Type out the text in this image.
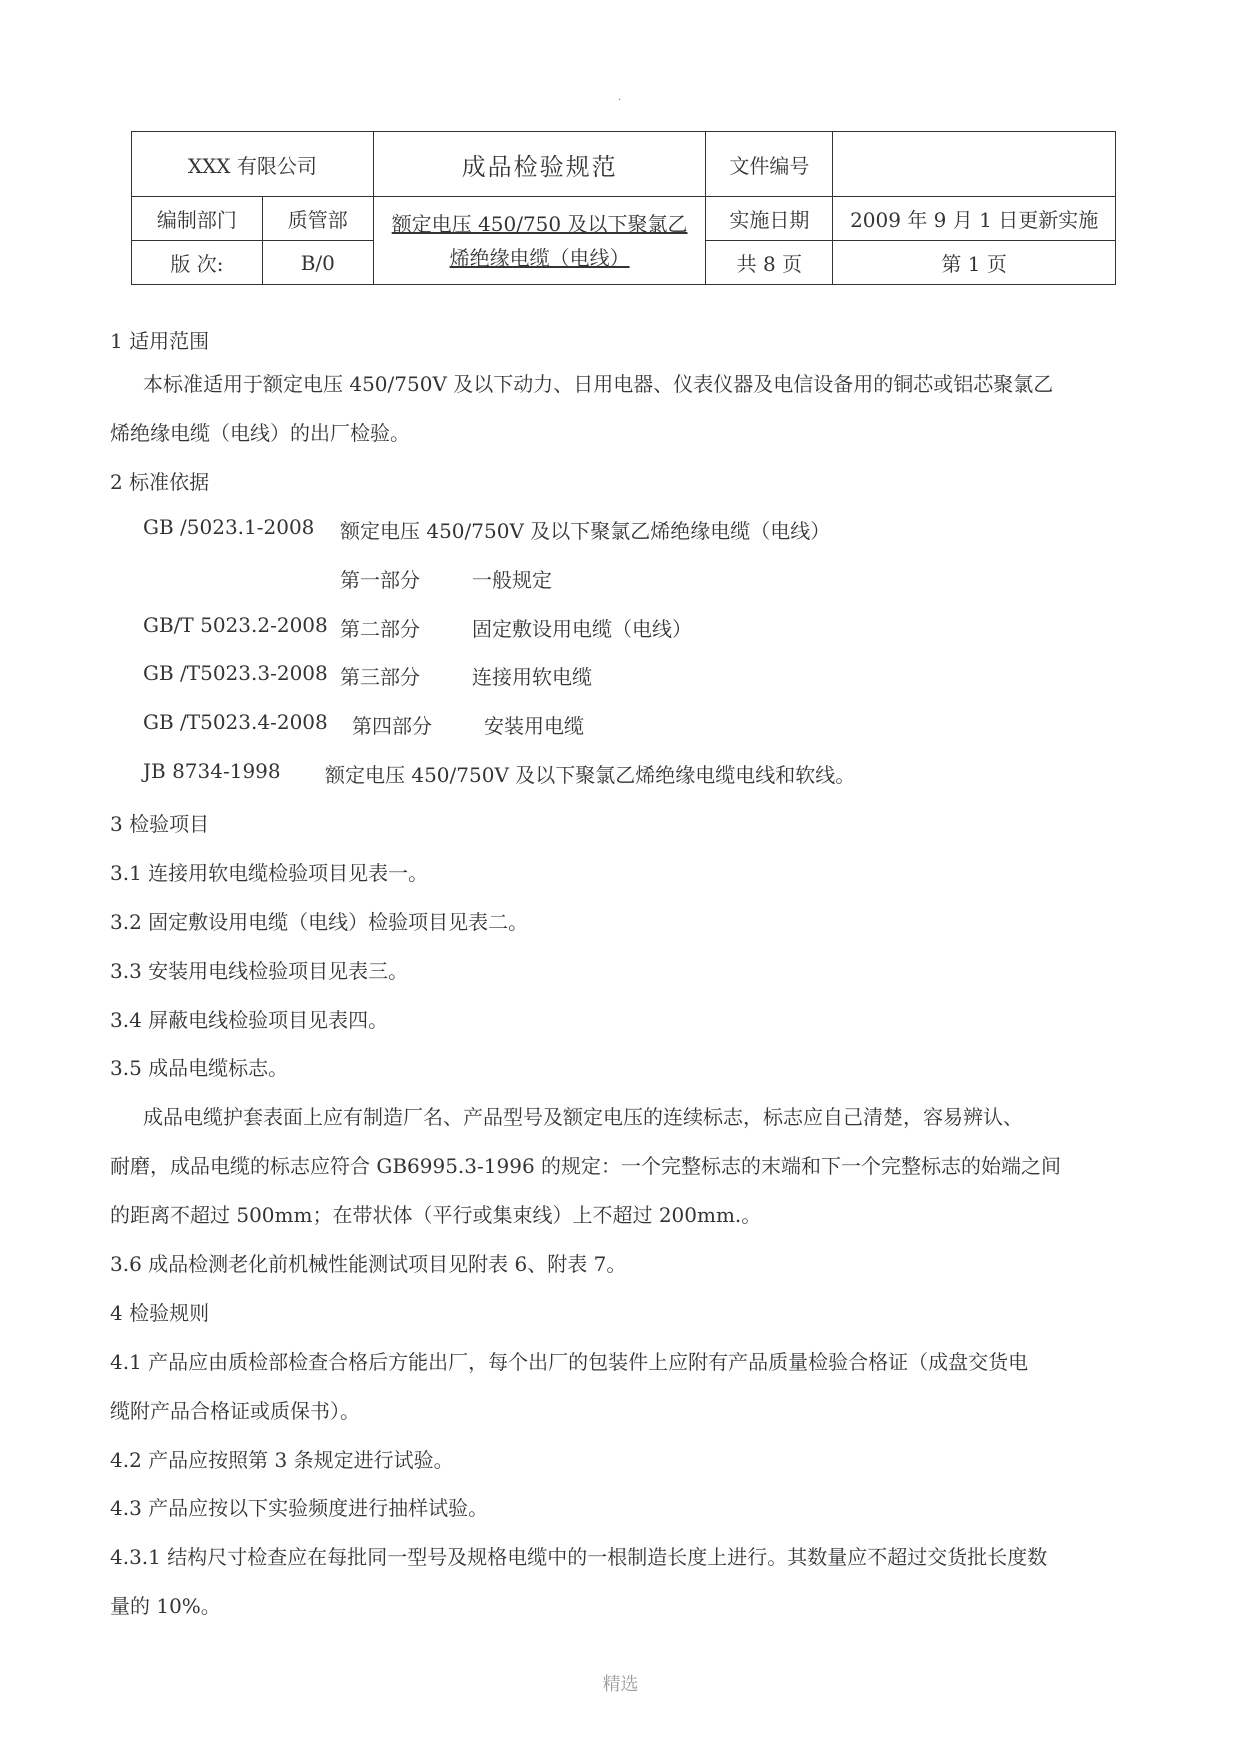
.
XXX 有限公司		成品检验规范	文件编号	
编制部门	质管部	额定电压 450/750 及以下聚氯乙烯绝缘电缆（电线）	实施日期	2009 年 9 月 1 日更新实施
版 次:	B/0		共 8 页	第 1 页
1 适用范围
本标准适用于额定电压 450/750V 及以下动力、日用电器、仪表仪器及电信设备用的铜芯或铝芯聚氯乙
烯绝缘电缆（电线）的出厂检验。
2 标准依据
GB /5023.1-2008 额定电压 450/750V 及以下聚氯乙烯绝缘电缆（电线）
第一部分	一般规定
GB/T 5023.2-2008 第二部分	固定敷设用电缆（电线）
GB /T5023.3-2008 第三部分	连接用软电缆
GB /T5023.4-2008 第四部分	安装用电缆
JB 8734-1998 额定电压 450/750V 及以下聚氯乙烯绝缘电缆电线和软线。
3 检验项目
3.1 连接用软电缆检验项目见表一。
3.2 固定敷设用电缆（电线）检验项目见表二。
3.3 安装用电线检验项目见表三。
3.4 屏蔽电线检验项目见表四。
3.5 成品电缆标志。
成品电缆护套表面上应有制造厂名、产品型号及额定电压的连续标志，标志应自己清楚，容易辨认、
耐磨，成品电缆的标志应符合 GB6995.3-1996 的规定：一个完整标志的末端和下一个完整标志的始端之间
的距离不超过 500mm；在带状体（平行或集束线）上不超过 200mm.。
3.6 成品检测老化前机械性能测试项目见附表 6、附表 7。
4 检验规则
4.1 产品应由质检部检查合格后方能出厂，每个出厂的包装件上应附有产品质量检验合格证（成盘交货电
缆附产品合格证或质保书）。
4.2 产品应按照第 3 条规定进行试验。
4.3 产品应按以下实验频度进行抽样试验。
4.3.1 结构尺寸检查应在每批同一型号及规格电缆中的一根制造长度上进行。其数量应不超过交货批长度数
量的 10%。
精选
